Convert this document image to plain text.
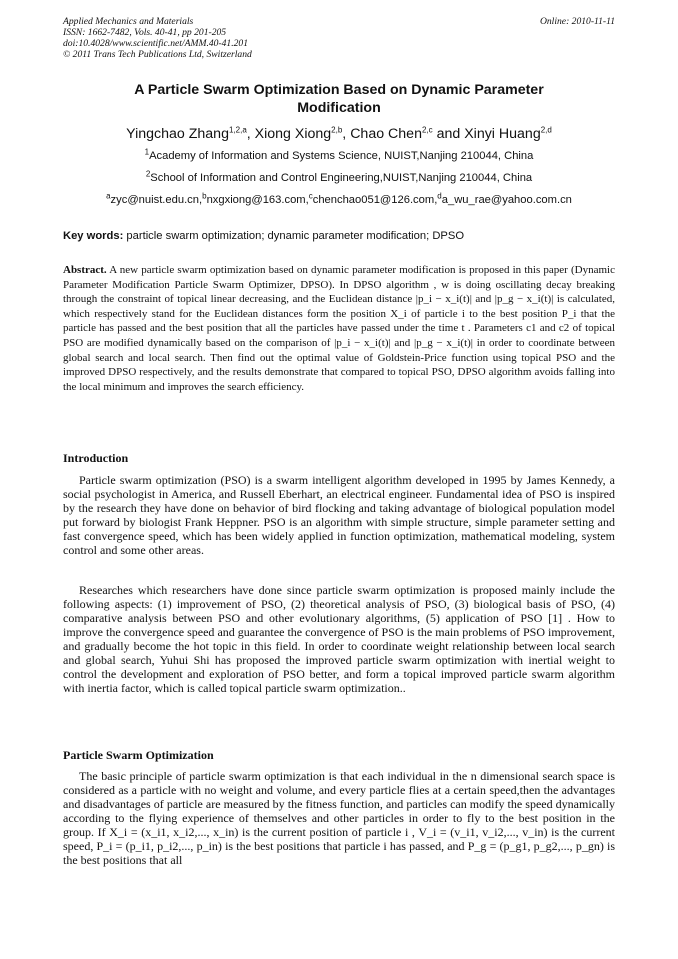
Applied Mechanics and Materials
ISSN: 1662-7482, Vols. 40-41, pp 201-205
doi:10.4028/www.scientific.net/AMM.40-41.201
© 2011 Trans Tech Publications Ltd, Switzerland
Online: 2010-11-11
A Particle Swarm Optimization Based on Dynamic Parameter
Modification
Yingchao Zhang$^{1,2,a}$, Xiong Xiong$^{2,b}$, Chao Chen$^{2,c}$ and Xinyi Huang$^{2,d}$
$^1$Academy of Information and Systems Science, NUIST,Nanjing 210044, China
$^2$School of Information and Control Engineering,NUIST,Nanjing 210044, China
$^a$zyc@nuist.edu.cn,$^b$nxgxiong@163.com,$^c$chenchao051@126.com,$^d$a_wu_rae@yahoo.com.cn
Key words: particle swarm optimization; dynamic parameter modification; DPSO
Abstract. A new particle swarm optimization based on dynamic parameter modification is proposed in this paper (Dynamic Parameter Modification Particle Swarm Optimizer, DPSO). In DPSO algorithm , w is doing oscillating decay breaking through the constraint of topical linear decreasing, and the Euclidean distance |p_i − x_i(t)| and |p_g − x_i(t)| is calculated, which respectively stand for the Euclidean distances form the position X_i of particle i to the best position P_i that the particle has passed and the best position that all the particles have passed under the time t . Parameters c1 and c2 of topical PSO are modified dynamically based on the comparison of |p_i − x_i(t)| and |p_g − x_i(t)| in order to coordinate between global search and local search. Then find out the optimal value of Goldstein-Price function using topical PSO and the improved DPSO respectively, and the results demonstrate that compared to topical PSO, DPSO algorithm avoids falling into the local minimum and improves the search efficiency.
Introduction
Particle swarm optimization (PSO) is a swarm intelligent algorithm developed in 1995 by James Kennedy, a social psychologist in America, and Russell Eberhart, an electrical engineer. Fundamental idea of PSO is inspired by the research they have done on behavior of bird flocking and taking advantage of biological population model put forward by biologist Frank Heppner. PSO is an algorithm with simple structure, simple parameter setting and fast convergence speed, which has been widely applied in function optimization, mathematical modeling, system control and some other areas.
Researches which researchers have done since particle swarm optimization is proposed mainly include the following aspects: (1) improvement of PSO, (2) theoretical analysis of PSO, (3) biological basis of PSO, (4) comparative analysis between PSO and other evolutionary algorithms, (5) application of PSO [1] . How to improve the convergence speed and guarantee the convergence of PSO is the main problems of PSO improvement, and gradually become the hot topic in this field. In order to coordinate weight relationship between local search and global search, Yuhui Shi has proposed the improved particle swarm optimization with inertial weight to control the development and exploration of PSO better, and form a topical improved particle swarm algorithm with inertia factor, which is called topical particle swarm optimization..
Particle Swarm Optimization
The basic principle of particle swarm optimization is that each individual in the n dimensional search space is considered as a particle with no weight and volume, and every particle flies at a certain speed,then the advantages and disadvantages of particle are measured by the fitness function, and particles can modify the speed dynamically according to the flying experience of themselves and other particles in order to fly to the best position in the group. If X_i = (x_i1, x_i2,..., x_in) is the current position of particle i , V_i = (v_i1, v_i2,..., v_in) is the current speed, P_i = (p_i1, p_i2,..., p_in) is the best positions that particle i has passed, and P_g = (p_g1, p_g2,..., p_gn) is the best positions that all
